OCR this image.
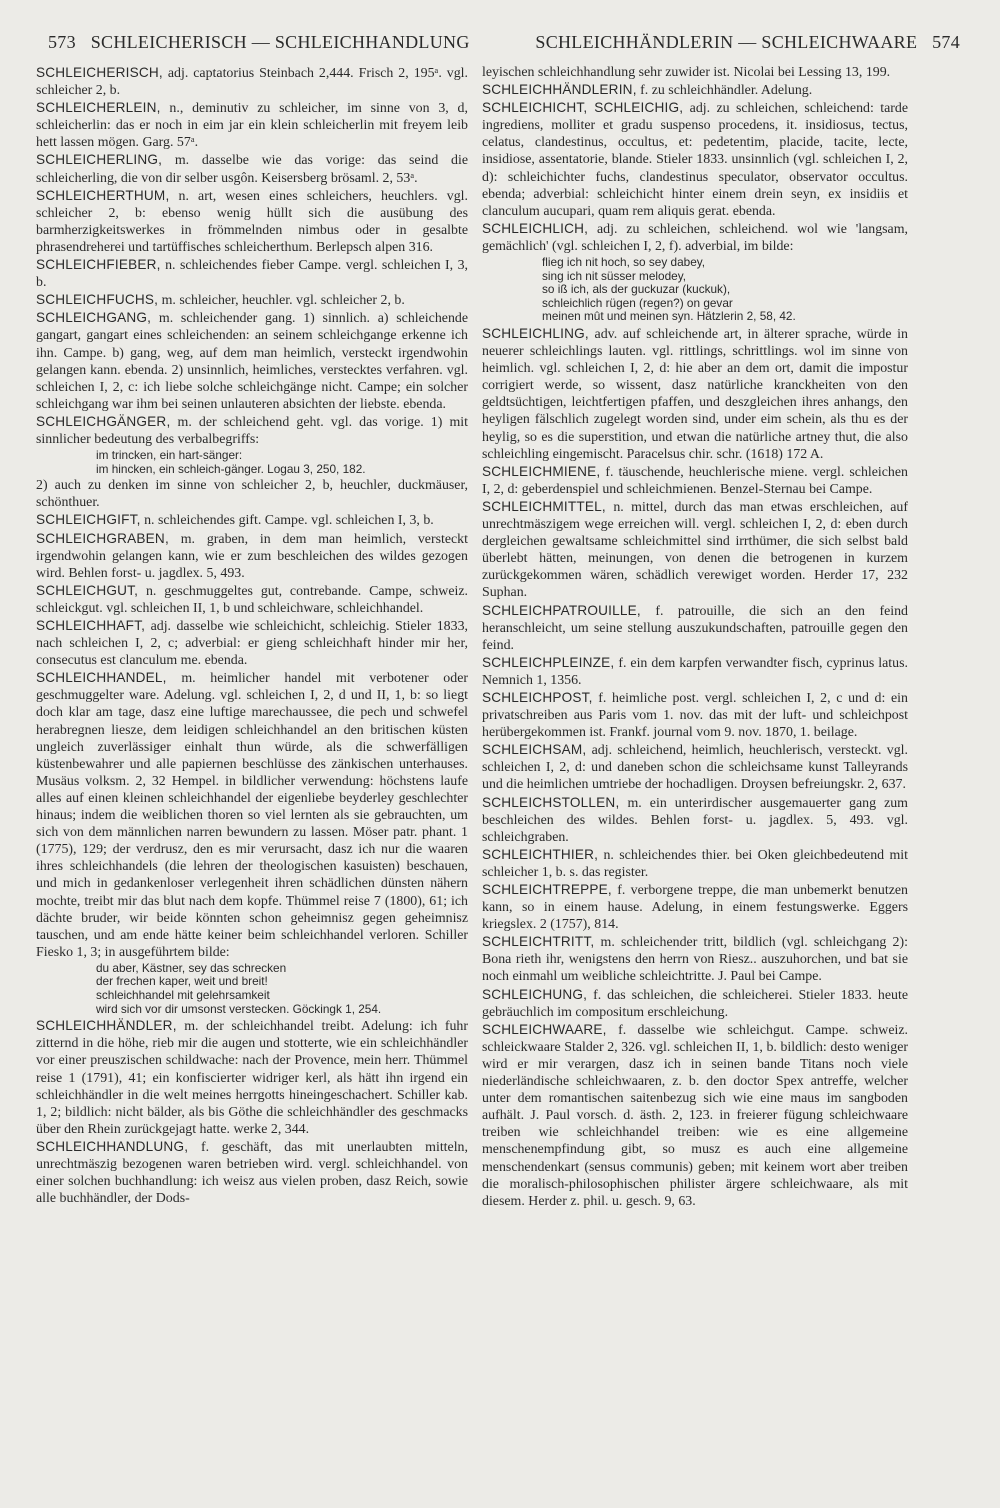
573 SCHLEICHERISCH — SCHLEICHHANDLUNG	SCHLEICHHÄNDLERIN — SCHLEICHWAARE 574

SCHLEICHERISCH, adj. captatorius Steinbach 2,444. Frisch 2, 195ᵃ. vgl. schleicher 2, b.

SCHLEICHERLEIN, n., deminutiv zu schleicher, im sinne von 3, d, schleicherlin: das er noch in eim jar ein klein schleicherlin mit freyem leib hett lassen mögen. Garg. 57ᵃ.

SCHLEICHERLING, m. dasselbe wie das vorige: das seind die schleicherling, die von dir selber usgôn. Keisersberg brösaml. 2, 53ᵃ.

SCHLEICHERTHUM, n. art, wesen eines schleichers, heuchlers. vgl. schleicher 2, b: ebenso wenig hüllt sich die ausübung des barmherzigkeitswerkes in frömmelnden nimbus oder in gesalbte phrasendreherei und tartüffisches schleicherthum. Berlepsch alpen 316.

SCHLEICHFIEBER, n. schleichendes fieber Campe. vergl. schleichen I, 3, b.

SCHLEICHFUCHS, m. schleicher, heuchler. vgl. schleicher 2, b.

SCHLEICHGANG, m. schleichender gang. 1) sinnlich. a) schleichende gangart, gangart eines schleichenden: an seinem schleichgange erkenne ich ihn. Campe. b) gang, weg, auf dem man heimlich, versteckt irgendwohin gelangen kann. ebenda. 2) unsinnlich, heimliches, verstecktes verfahren. vgl. schleichen I, 2, c: ich liebe solche schleichgänge nicht. Campe; ein solcher schleichgang war ihm bei seinen unlauteren absichten der liebste. ebenda.

SCHLEICHGÄNGER, m. der schleichend geht. vgl. das vorige. 1) mit sinnlicher bedeutung des verbalbegriffs:

im trincken, ein hart-sänger:
im hincken, ein schleich-gänger. Logau 3, 250, 182.

2) auch zu denken im sinne von schleicher 2, b, heuchler, duckmäuser, schönthuer.

SCHLEICHGIFT, n. schleichendes gift. Campe. vgl. schleichen I, 3, b.

SCHLEICHGRABEN, m. graben, in dem man heimlich, versteckt irgendwohin gelangen kann, wie er zum beschleichen des wildes gezogen wird. Behlen forst- u. jagdlex. 5, 493.

SCHLEICHGUT, n. geschmuggeltes gut, contrebande. Campe, schweiz. schleickgut. vgl. schleichen II, 1, b und schleichware, schleichhandel.

SCHLEICHHAFT, adj. dasselbe wie schleichicht, schleichig. Stieler 1833, nach schleichen I, 2, c; adverbial: er gieng schleichhaft hinder mir her, consecutus est clanculum me. ebenda.

SCHLEICHHANDEL, m. heimlicher handel mit verbotener oder geschmuggelter ware. Adelung. vgl. schleichen I, 2, d und II, 1, b: so liegt doch klar am tage, dasz eine luftige marechaussee, die pech und schwefel herabregnen liesze, dem leidigen schleichhandel an den britischen küsten ungleich zuverlässiger einhalt thun würde, als die schwerfälligen küstenbewahrer und alle papiernen beschlüsse des zänkischen unterhauses. Musäus volksm. 2, 32 Hempel. in bildlicher verwendung: höchstens laufe alles auf einen kleinen schleichhandel der eigenliebe beyderley geschlechter hinaus; indem die weiblichen thoren so viel lernten als sie gebrauchten, um sich von dem männlichen narren bewundern zu lassen. Möser patr. phant. 1 (1775), 129; der verdrusz, den es mir verursacht, dasz ich nur die waaren ihres schleichhandels (die lehren der theologischen kasuisten) beschauen, und mich in gedankenloser verlegenheit ihren schädlichen dünsten nähern mochte, treibt mir das blut nach dem kopfe. Thümmel reise 7 (1800), 61; ich dächte bruder, wir beide könnten schon geheimnisz gegen geheimnisz tauschen, und am ende hätte keiner beim schleichhandel verloren. Schiller Fiesko 1, 3; in ausgeführtem bilde:

du aber, Kästner, sey das schrecken
der frechen kaper, weit und breit!
schleichhandel mit gelehrsamkeit
wird sich vor dir umsonst verstecken. Göckingk 1, 254.

SCHLEICHHÄNDLER, m. der schleichhandel treibt. Adelung: ich fuhr zitternd in die höhe, rieb mir die augen und stotterte, wie ein schleichhändler vor einer preuszischen schildwache: nach der Provence, mein herr. Thümmel reise 1 (1791), 41; ein konfiscierter widriger kerl, als hätt ihn irgend ein schleichhändler in die welt meines herrgotts hineingeschachert. Schiller kab. 1, 2; bildlich: nicht bälder, als bis Göthe die schleichhändler des geschmacks über den Rhein zurückgejagt hatte. werke 2, 344.

SCHLEICHHANDLUNG, f. geschäft, das mit unerlaubten mitteln, unrechtmäszig bezogenen waren betrieben wird. vergl. schleichhandel. von einer solchen buchhandlung: ich weisz aus vielen proben, dasz Reich, sowie alle buchhändler, der Dods-

leyischen schleichhandlung sehr zuwider ist. Nicolai bei Lessing 13, 199.

SCHLEICHHÄNDLERIN, f. zu schleichhändler. Adelung.

SCHLEICHICHT, SCHLEICHIG, adj. zu schleichen, schleichend: tarde ingrediens, molliter et gradu suspenso procedens, it. insidiosus, tectus, celatus, clandestinus, occultus, et: pedetentim, placide, tacite, lecte, insidiose, assentatorie, blande. Stieler 1833. unsinnlich (vgl. schleichen I, 2, d): schleichichter fuchs, clandestinus speculator, observator occultus. ebenda; adverbial: schleichicht hinter einem drein seyn, ex insidiis et clanculum aucupari, quam rem aliquis gerat. ebenda.

SCHLEICHLICH, adj. zu schleichen, schleichend. wol wie 'langsam, gemächlich' (vgl. schleichen I, 2, f). adverbial, im bilde:

flieg ich nit hoch, so sey dabey,
sing ich nit süsser melodey,
so iß ich, als der guckuzar (kuckuk),
schleichlich rügen (regen?) on gevar
meinen mût und meinen syn. Hätzlerin 2, 58, 42.

SCHLEICHLING, adv. auf schleichende art, in älterer sprache, würde in neuerer schleichlings lauten. vgl. rittlings, schrittlings. wol im sinne von heimlich. vgl. schleichen I, 2, d: hie aber an dem ort, damit die impostur corrigiert werde, so wissent, dasz natürliche kranckheiten von den geldtsüchtigen, leichtfertigen pfaffen, und deszgleichen ihres anhangs, den heyligen fälschlich zugelegt worden sind, under eim schein, als thu es der heylig, so es die superstition, und etwan die natürliche artney thut, die also schleichling eingemischt. Paracelsus chir. schr. (1618) 172 A.

SCHLEICHMIENE, f. täuschende, heuchlerische miene. vergl. schleichen I, 2, d: geberdenspiel und schleichmienen. Benzel-Sternau bei Campe.

SCHLEICHMITTEL, n. mittel, durch das man etwas erschleichen, auf unrechtmäszigem wege erreichen will. vergl. schleichen I, 2, d: eben durch dergleichen gewaltsame schleichmittel sind irrthümer, die sich selbst bald überlebt hätten, meinungen, von denen die betrogenen in kurzem zurückgekommen wären, schädlich verewiget worden. Herder 17, 232 Suphan.

SCHLEICHPATROUILLE, f. patrouille, die sich an den feind heranschleicht, um seine stellung auszukundschaften, patrouille gegen den feind.

SCHLEICHPLEINZE, f. ein dem karpfen verwandter fisch, cyprinus latus. Nemnich 1, 1356.

SCHLEICHPOST, f. heimliche post. vergl. schleichen I, 2, c und d: ein privatschreiben aus Paris vom 1. nov. das mit der luft- und schleichpost herübergekommen ist. Frankf. journal vom 9. nov. 1870, 1. beilage.

SCHLEICHSAM, adj. schleichend, heimlich, heuchlerisch, versteckt. vgl. schleichen I, 2, d: und daneben schon die schleichsame kunst Talleyrands und die heimlichen umtriebe der hochadligen. Droysen befreiungskr. 2, 637.

SCHLEICHSTOLLEN, m. ein unterirdischer ausgemauerter gang zum beschleichen des wildes. Behlen forst- u. jagdlex. 5, 493. vgl. schleichgraben.

SCHLEICHTHIER, n. schleichendes thier. bei Oken gleichbedeutend mit schleicher 1, b. s. das register.

SCHLEICHTREPPE, f. verborgene treppe, die man unbemerkt benutzen kann, so in einem hause. Adelung, in einem festungswerke. Eggers kriegslex. 2 (1757), 814.

SCHLEICHTRITT, m. schleichender tritt, bildlich (vgl. schleichgang 2): Bona rieth ihr, wenigstens den herrn von Riesz.. auszuhorchen, und bat sie noch einmahl um weibliche schleichtritte. J. Paul bei Campe.

SCHLEICHUNG, f. das schleichen, die schleicherei. Stieler 1833. heute gebräuchlich im compositum erschleichung.

SCHLEICHWAARE, f. dasselbe wie schleichgut. Campe. schweiz. schleickwaare Stalder 2, 326. vgl. schleichen II, 1, b. bildlich: desto weniger wird er mir verargen, dasz ich in seinen bande Titans noch viele niederländische schleichwaaren, z. b. den doctor Spex antreffe, welcher unter dem romantischen saitenbezug sich wie eine maus im sangboden aufhält. J. Paul vorsch. d. ästh. 2, 123. in freierer fügung schleichwaare treiben wie schleichhandel treiben: wie es eine allgemeine menschenempfindung gibt, so musz es auch eine allgemeine menschendenkart (sensus communis) geben; mit keinem wort aber treiben die moralisch-philosophischen philister ärgere schleichwaare, als mit diesem. Herder z. phil. u. gesch. 9, 63.
